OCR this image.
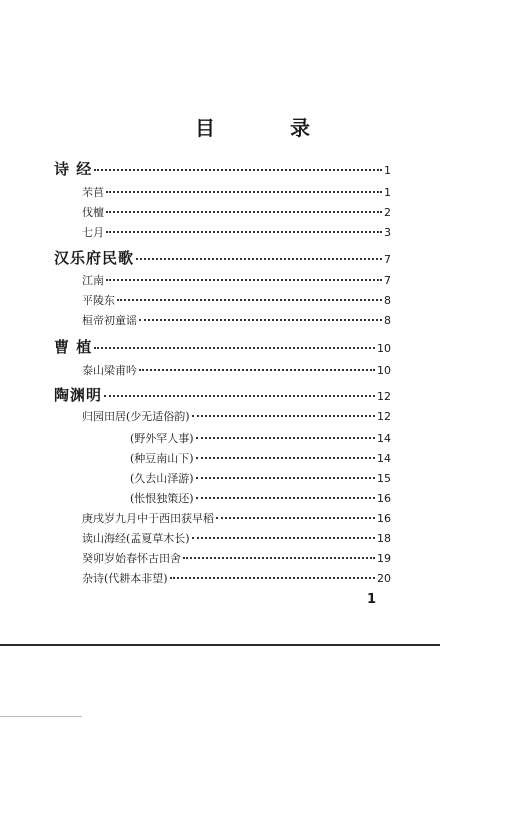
目 录
诗 经	1
芣苢	1
伐檀	2
七月	3
汉乐府民歌	7
江南	7
平陵东	8
桓帝初童谣	8
曹 植	10
泰山梁甫吟	10
陶渊明	12
归园田居(少无适俗韵)	12
(野外罕人事)	14
(种豆南山下)	14
(久去山泽游)	15
(怅恨独策还)	16
庚戌岁九月中于西田获早稻	16
读山海经(孟夏草木长)	18
癸卯岁始春怀古田舍	19
杂诗(代耕本非望)	20
1
